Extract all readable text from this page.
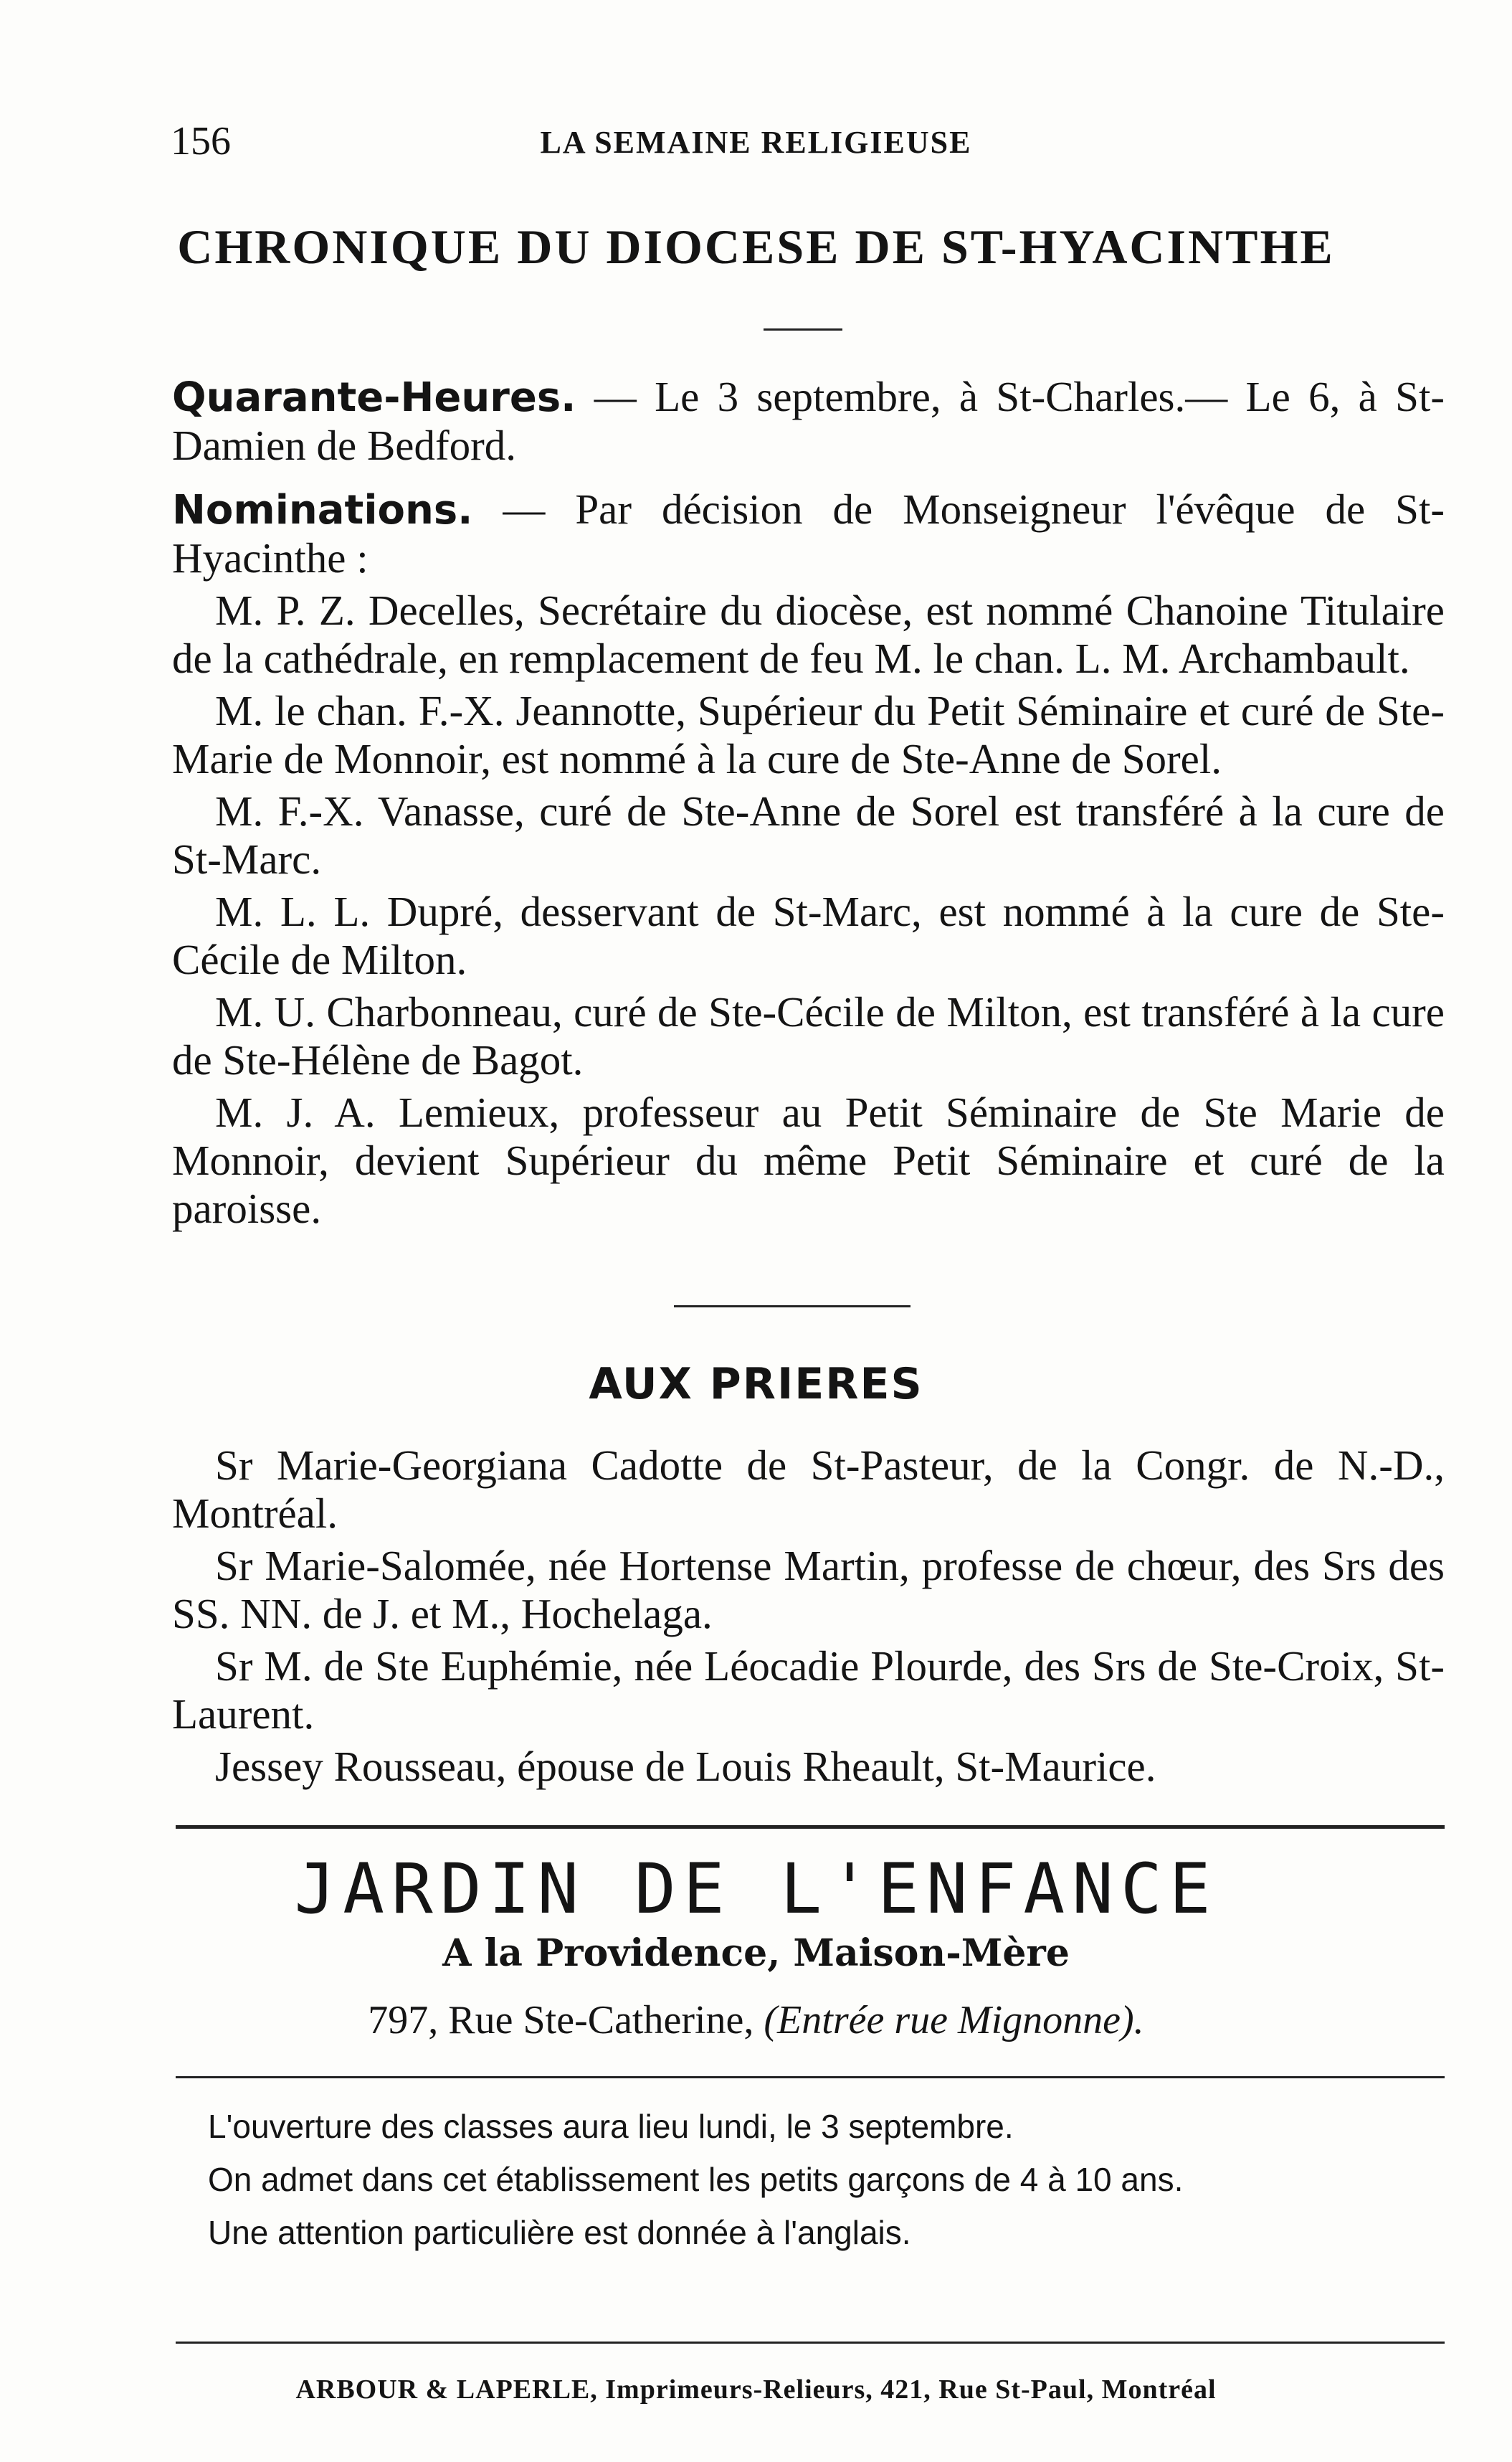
156	LA SEMAINE RELIGIEUSE
CHRONIQUE DU DIOCESE DE ST-HYACINTHE

Quarante-Heures. — Le 3 septembre, à St-Charles.— Le 6, à St-Damien de Bedford.

Nominations. — Par décision de Monseigneur l'évêque de St-Hyacinthe :

M. P. Z. Decelles, Secrétaire du diocèse, est nommé Chanoine Titulaire de la cathédrale, en remplacement de feu M. le chan. L. M. Archambault.

M. le chan. F.-X. Jeannotte, Supérieur du Petit Séminaire et curé de Ste-Marie de Monnoir, est nommé à la cure de Ste-Anne de Sorel.

M. F.-X. Vanasse, curé de Ste-Anne de Sorel est transféré à la cure de St-Marc.

M. L. L. Dupré, desservant de St-Marc, est nommé à la cure de Ste-Cécile de Milton.

M. U. Charbonneau, curé de Ste-Cécile de Milton, est transféré à la cure de Ste-Hélène de Bagot.

M. J. A. Lemieux, professeur au Petit Séminaire de Ste Marie de Monnoir, devient Supérieur du même Petit Séminaire et curé de la paroisse.

AUX PRIERES

Sr Marie-Georgiana Cadotte de St-Pasteur, de la Congr. de N.-D., Montréal.

Sr Marie-Salomée, née Hortense Martin, professe de chœur, des Srs des SS. NN. de J. et M., Hochelaga.

Sr M. de Ste Euphémie, née Léocadie Plourde, des Srs de Ste-Croix, St-Laurent.

Jessey Rousseau, épouse de Louis Rheault, St-Maurice.

JARDIN DE L'ENFANCE
A la Providence, Maison-Mère
797, Rue Ste-Catherine, (Entrée rue Mignonne).
L'ouverture des classes aura lieu lundi, le 3 septembre.
On admet dans cet établissement les petits garçons de 4 à 10 ans.
Une attention particulière est donnée à l'anglais.
ARBOUR & LAPERLE, Imprimeurs-Relieurs, 421, Rue St-Paul, Montréal
